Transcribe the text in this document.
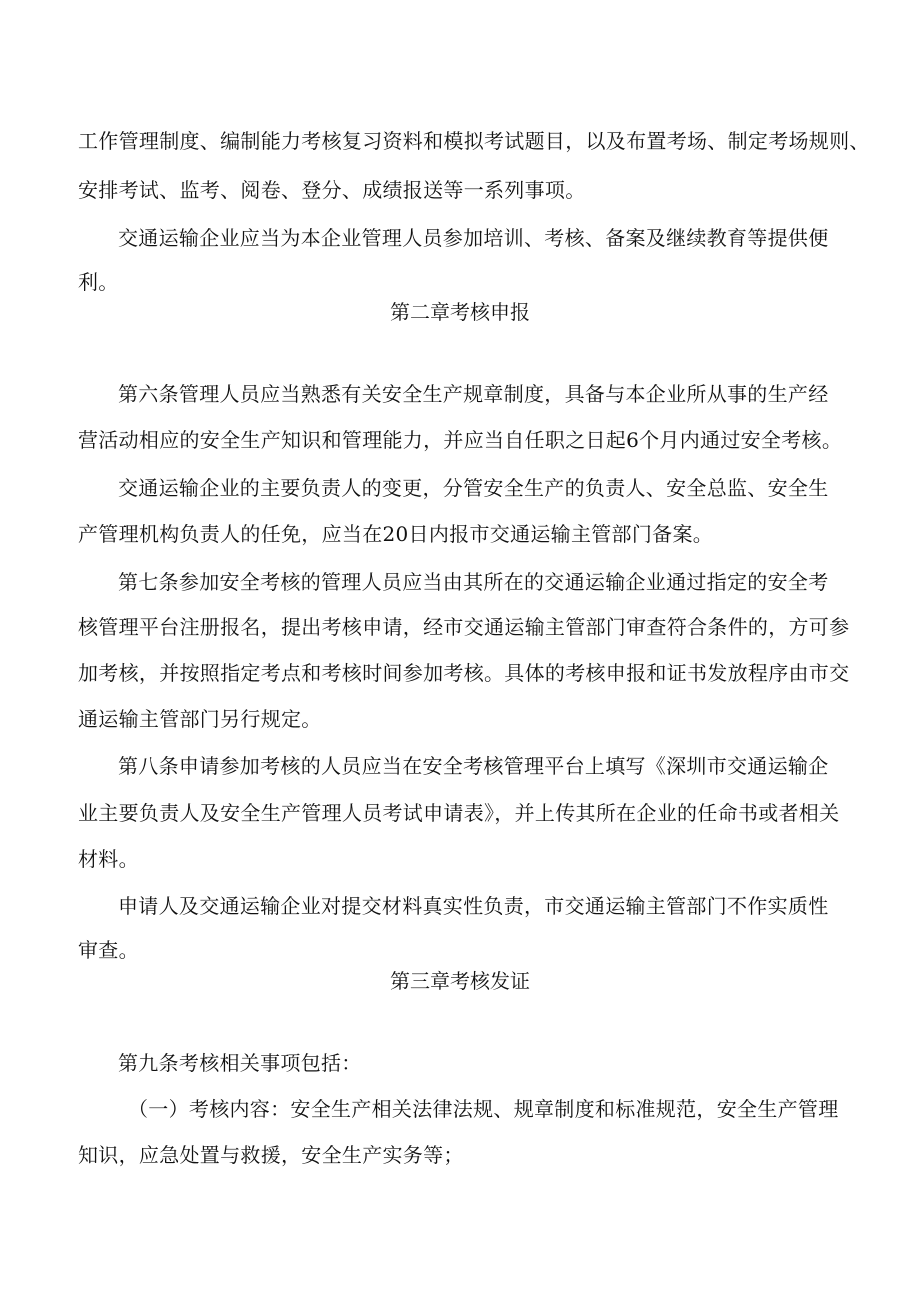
工作管理制度、编制能力考核复习资料和模拟考试题目，以及布置考场、制定考场规则、
安排考试、监考、阅卷、登分、成绩报送等一系列事项。
交通运输企业应当为本企业管理人员参加培训、考核、备案及继续教育等提供便
利。
第二章考核申报
第六条管理人员应当熟悉有关安全生产规章制度，具备与本企业所从事的生产经
营活动相应的安全生产知识和管理能力，并应当自任职之日起6个月内通过安全考核。
交通运输企业的主要负责人的变更，分管安全生产的负责人、安全总监、安全生
产管理机构负责人的任免，应当在20日内报市交通运输主管部门备案。
第七条参加安全考核的管理人员应当由其所在的交通运输企业通过指定的安全考
核管理平台注册报名，提出考核申请，经市交通运输主管部门审查符合条件的，方可参
加考核，并按照指定考点和考核时间参加考核。具体的考核申报和证书发放程序由市交
通运输主管部门另行规定。
第八条申请参加考核的人员应当在安全考核管理平台上填写《深圳市交通运输企
业主要负责人及安全生产管理人员考试申请表》，并上传其所在企业的任命书或者相关
材料。
申请人及交通运输企业对提交材料真实性负责，市交通运输主管部门不作实质性
审查。
第三章考核发证
第九条考核相关事项包括：
（一）考核内容：安全生产相关法律法规、规章制度和标准规范，安全生产管理
知识，应急处置与救援，安全生产实务等；
